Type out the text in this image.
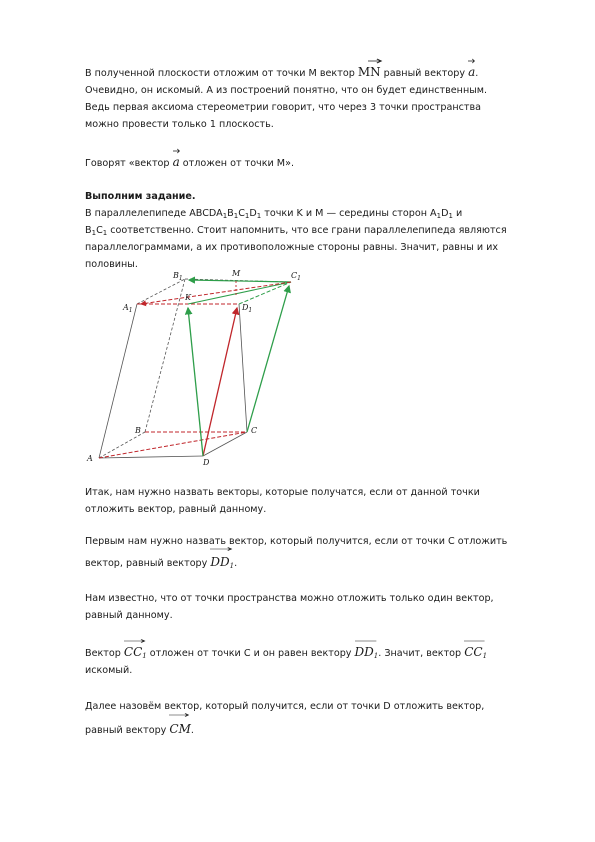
В полученной плоскости отложим от точки M вектор MN
равный вектору a
.
Очевидно, он искомый. А из построений понятно, что он будет единственным.
Ведь первая аксиома стереометрии говорит, что через 3 точки пространства
можно провести только 1 плоскость.
Говорят «вектор a
отложен от точки M».
Выполним задание.
В параллелепипеде $ABCDA_1B_1C_1D_1$ точки K и M — середины сторон $A_1D_1$ и
$B_1C_1$ соответственно. Стоит напомнить, что все грани параллелепипеда являются
параллелограммами, а их противоположные стороны равны. Значит, равны и их
половины.
A
B	C
D
$A_1$
$B_1$	$C_1$
$D_1$
K
M
Итак, нам нужно назвать векторы, которые получатся, если от данной точки
отложить вектор, равный данному.
Первым нам нужно назвать вектор, который получится, если от точки C отложить
вектор, равный вектору $DD_1$
.
Нам известно, что от точки пространства можно отложить только один вектор,
равный данному.
Вектор $CC_1$
отложен от точки C и он равен вектору $DD_1$
. Значит, вектор $CC_1$

искомый.
Далее назовём вектор, который получится, если от точки D отложить вектор,
равный вектору CM
.
